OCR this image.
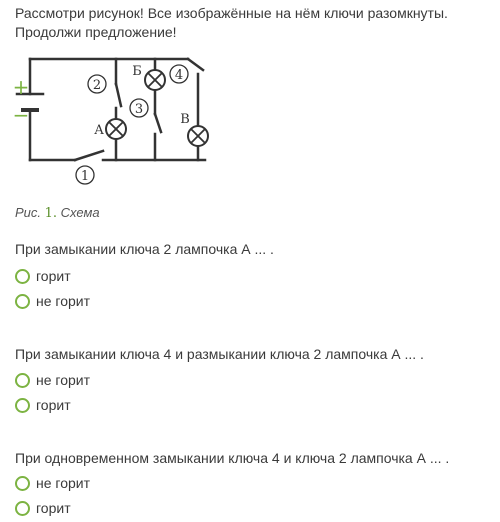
Рассмотри рисунок! Все изображённые на нём ключи разомкнуты. Продолжи предложение!
1
2
3
4
А
Б
В
+
−
Рис. 1. Схема
При замыкании ключа 2 лампочка А ... .
горит
не горит
При замыкании ключа 4 и размыкании ключа 2 лампочка А ... .
не горит
горит
При одновременном замыкании ключа 4 и ключа 2 лампочка А ... .
не горит
горит
